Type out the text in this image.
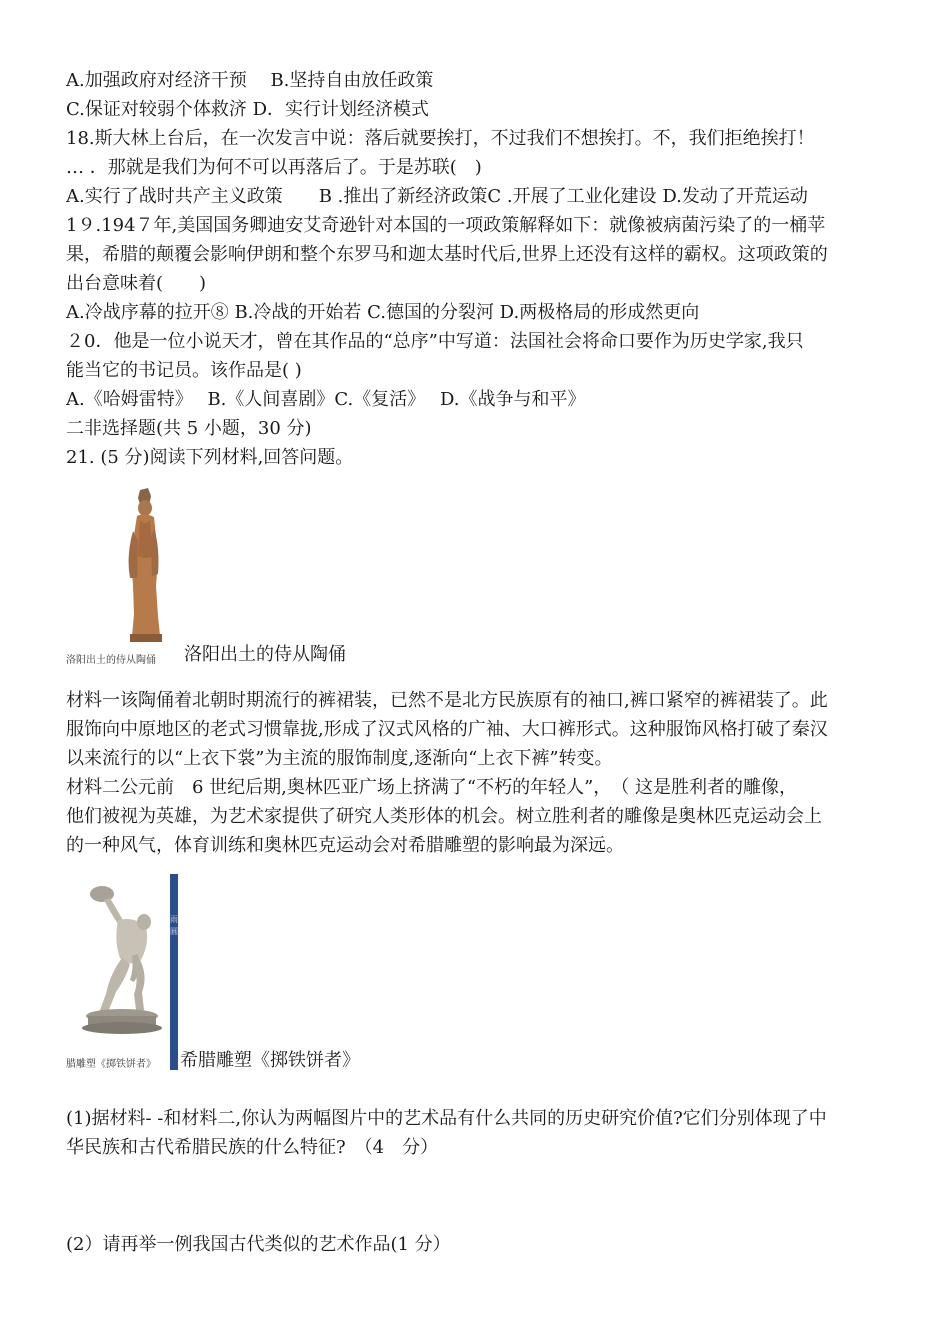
A.加强政府对经济干预　 B.坚持自由放任政策

C.保证对较弱个体救济 D．实行计划经济模式

18.斯大林上台后，在一次发言中说：落后就要挨打，不过我们不想挨打。不，我们拒绝挨打！

… ．那就是我们为何不可以再落后了。于是苏联(　)

A.实行了战时共产主义政策　　B .推出了新经济政策C .开展了工业化建设 D.发动了开荒运动

1９.194７年,美国国务卿迪安艾奇逊针对本国的一项政策解释如下：就像被病菌污染了的一桶苹

果，希腊的颠覆会影响伊朗和整个东罗马和迦太基时代后,世界上还没有这样的霸权。这项政策的

出台意味着(　　)

A.冷战序幕的拉开⑧ B.冷战的开始若 C.德国的分裂河 D.两极格局的形成然更向

２0．他是一位小说天才，曾在其作品的“总序”中写道：法国社会将命口要作为历史学家,我只

能当它的书记员。该作品是( )

A.《哈姆雷特》　 B.《人间喜剧》C.《复活》　 D.《战争与和平》

二非选择题(共 5 小题，30 分)

21. (5 分)阅读下列材料,回答问题。

洛阳出土的侍从陶俑 洛阳出土的侍从陶俑

材料一该陶俑着北朝时期流行的裤裙装，已然不是北方民族原有的袖口,裤口紧窄的裤裙装了。此

服饰向中原地区的老式习惯靠拢,形成了汉式风格的广袖、大口裤形式。这种服饰风格打破了秦汉

以来流行的以“上衣下裳”为主流的服饰制度,逐渐向“上衣下裤”转变。

材料二公元前　6 世纪后期,奥林匹亚广场上挤满了“不朽的年轻人”，　（ 这是胜利者的雕像，

他们被视为英雄，为艺术家提供了研究人类形体的机会。树立胜利者的雕像是奥林匹克运动会上

的一种风气，体育训练和奥林匹克运动会对希腊雕塑的影响最为深远。

雨 圓
腊雕塑《掷铁饼者》 希腊雕塑《掷铁饼者》

(1)据材料- -和材料二,你认为两幅图片中的艺术品有什么共同的历史研究价值?它们分别体现了中

华民族和古代希腊民族的什么特征?　（4　分）

(2）请再举一例我国古代类似的艺术作品(1 分）
